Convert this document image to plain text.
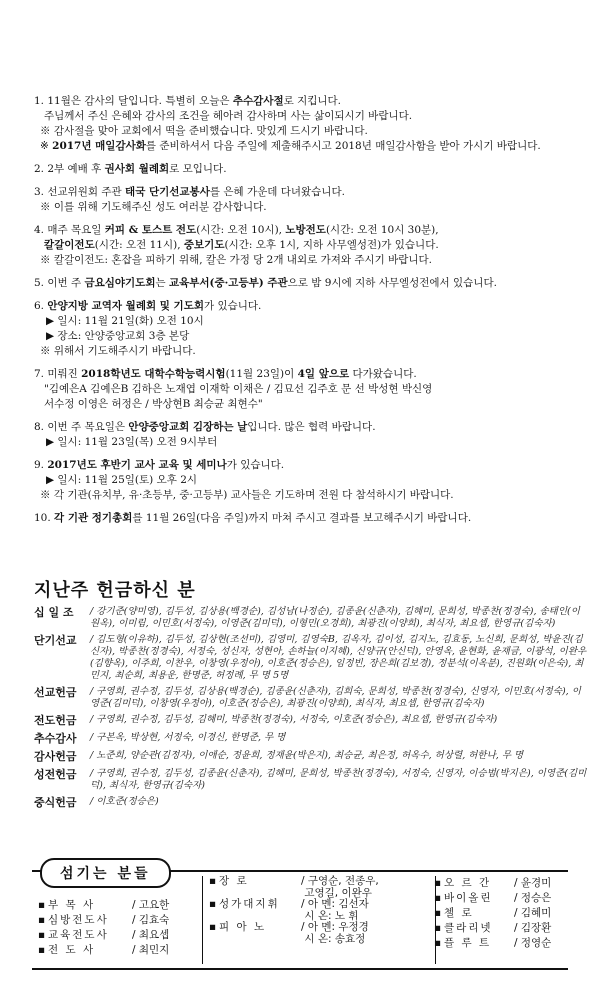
1. 11월은 감사의 달입니다. 특별히 오늘은 추수감사절로 지킵니다.
주님께서 주신 은혜와 감사의 조건을 헤아려 감사하며 사는 삶이되시기 바랍니다.
※ 감사절을 맞아 교회에서 떡을 준비했습니다. 맛있게 드시기 바랍니다.
※ 2017년 매일감사화를 준비하셔서 다음 주일에 제출해주시고 2018년 매일감사함을 받아 가시기 바랍니다.
2. 2부 예배 후 권사회 월례회로 모입니다.
3. 선교위원회 주관 태국 단기선교봉사를 은혜 가운데 다녀왔습니다.
※ 이를 위해 기도해주신 성도 여러분 감사합니다.
4. 매주 목요일 커피 & 토스트 전도(시간: 오전 10시), 노방전도(시간: 오전 10시 30분),
칼갈이전도(시간: 오전 11시), 중보기도(시간: 오후 1시, 지하 사무엘성전)가 있습니다.
※ 칼갈이전도: 혼잡을 피하기 위해, 칼은 가정 당 2개 내외로 가져와 주시기 바랍니다.
5. 이번 주 금요심야기도회는 교육부서(중·고등부) 주관으로 밤 9시에 지하 사무엘성전에서 있습니다.
6. 안양지방 교역자 월례회 및 기도회가 있습니다.
▶ 일시: 11월 21일(화) 오전 10시
▶ 장소: 안양중앙교회 3층 본당
※ 위해서 기도해주시기 바랍니다.
7. 미뤄진 2018학년도 대학수학능력시험(11월 23일)이 4일 앞으로 다가왔습니다.
"김예은A 김예은B 김하은 노재엽 이재학 이채은 / 김묘선 김주호 문 선 박성현 박신영
서수정 이영은 허정은 / 박상현B 최승균 최현수"
8. 이번 주 목요일은 안양중앙교회 김장하는 날입니다. 많은 협력 바랍니다.
▶ 일시: 11월 23일(목) 오전 9시부터
9. 2017년도 후반기 교사 교육 및 세미나가 있습니다.
▶ 일시: 11월 25일(토) 오후 2시
※ 각 기관(유치부, 유·초등부, 중·고등부) 교사들은 기도하며 전원 다 참석하시기 바랍니다.
10. 각 기관 정기총회를 11월 26일(다음 주일)까지 마쳐 주시고 결과를 보고해주시기 바랍니다.
지난주 헌금하신 분
십 일 조	/ 강기준(양미영), 김두성, 김상용(백경순), 김성남(나정순), 김종윤(신춘자), 김혜미, 문희성, 박종찬(정경숙), 송태인(이원옥), 이미림, 이민호(서정숙), 이영준(김미덕), 이형민(오경희), 최광진(이양희), 최식자, 최요셉, 한영규(김숙자)
단기선교	/ 김도형(이유하), 김두성, 김상현(조선미), 김영미, 김영숙B, 김옥자, 김이성, 김지노, 김효동, 노신희, 문희성, 박윤진(김신자), 박종찬(정경숙), 서정숙, 성신자, 성현아, 손하늘(이지혜), 신양규(안신덕), 안영옥, 윤현화, 윤재금, 이광석, 이완우(김향옥), 이주희, 이찬우, 이창영(우정아), 이호준(정승은), 임정빈, 장은희(김보경), 정분석(이옥분), 진원화(이은숙), 최민지, 최순희, 최용운, 한명준, 허정례, 무 명 5명
선교헌금	/ 구영희, 권수정, 김두성, 김상용(백경순), 김종윤(신춘자), 김희숙, 문희성, 박종찬(정경숙), 신영자, 이민호(서정숙), 이영준(김미덕), 이창영(우정아), 이호준(정승은), 최광진(이양희), 최식자, 최요셉, 한영규(김숙자)
전도헌금	/ 구영희, 권수정, 김두성, 김혜미, 박종찬(정경숙), 서정숙, 이호준(정승은), 최요셉, 한영규(김숙자)
추수감사	/ 구본옥, 박상현, 서정숙, 이경신, 한명준, 무 명
감사헌금	/ 노준희, 양순관(김정자), 이애순, 정윤희, 정재윤(박은지), 최승균, 최은정, 허옥수, 허상렬, 허한나, 무 명
성전헌금	/ 구영희, 권수정, 김두성, 김종윤(신춘자), 김혜미, 문희성, 박종찬(정경숙), 서정숙, 신영자, 이승범(박지은), 이영준(김미덕), 최식자, 한영규(김숙자)
중식헌금	/ 이호준(정승은)
섬기는 분들
▪ 부 목 사	/ 고요한
▪ 심방전도사 / 김효숙
▪ 교육전도사 / 최요셉
▪ 전 도 사	/ 최민지
▪ 장 로	/ 구영순, 전종우,
고영길, 이완우
▪ 성가대지휘 / 아 멘: 김선자
시 온: 노 휘
▪ 피 아 노	/ 아 멘: 우정경
시 온: 송효정
▪ 오 르 간 / 윤경미
▪ 바이올린 / 정승은
▪ 첼 로	/ 김혜미
▪ 클라리넷 / 김장환
▪ 플 루 트 / 정영순
